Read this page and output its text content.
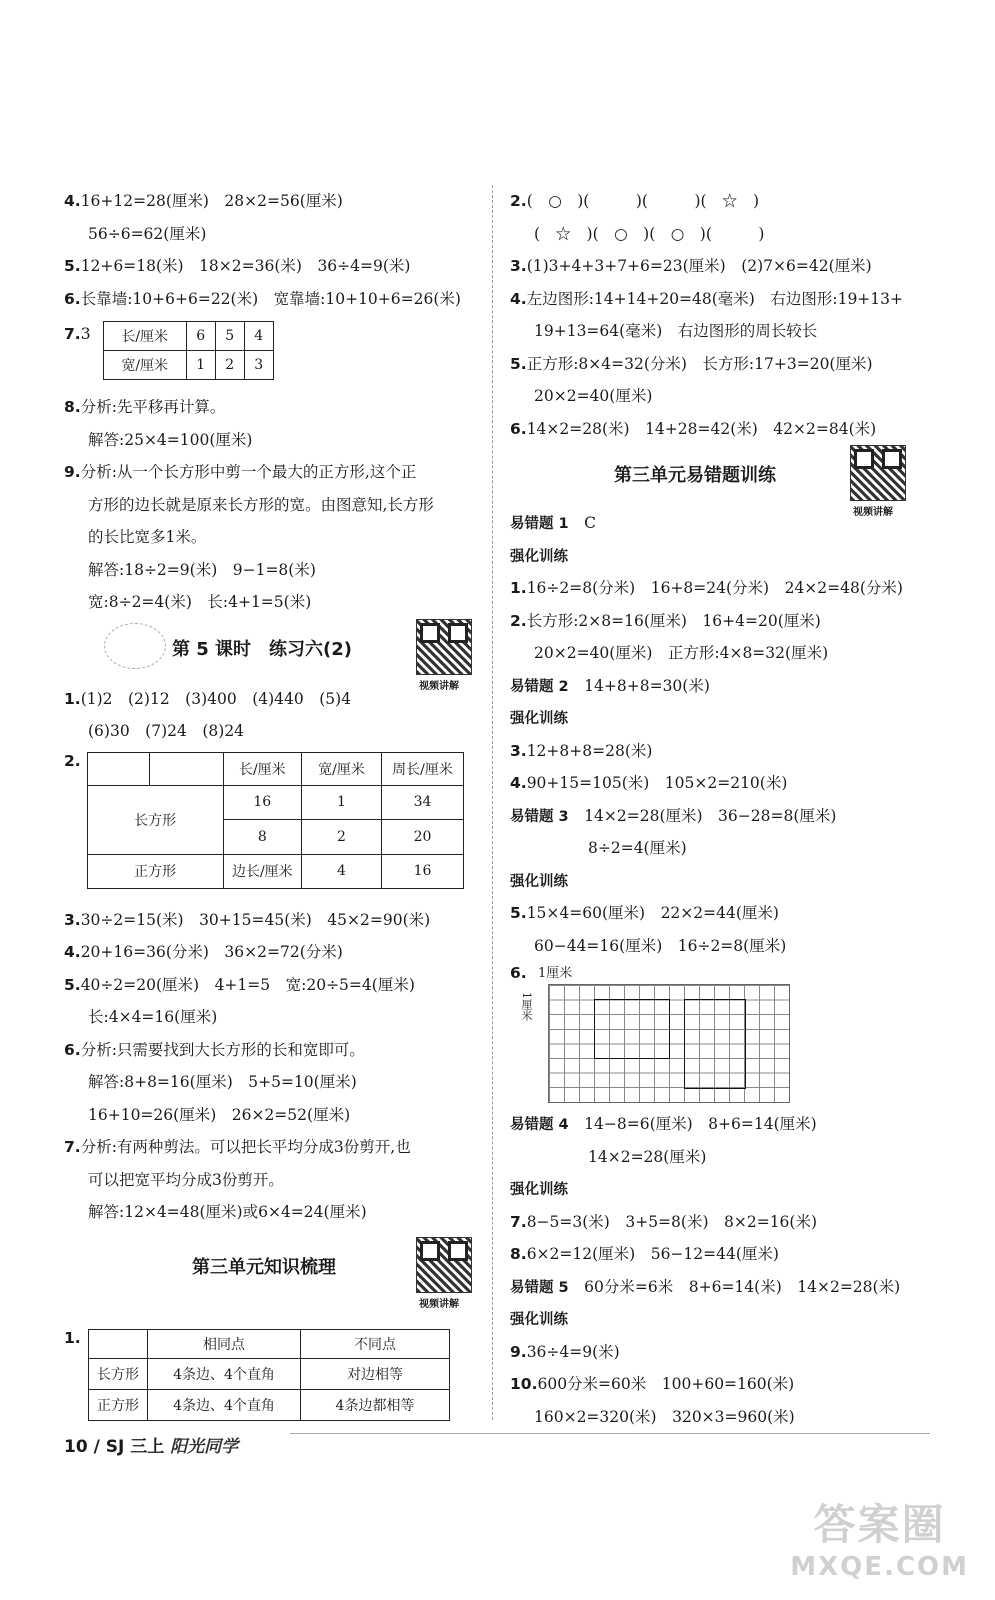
4.16+12=28(厘米)　28×2=56(厘米)
56÷6=62(厘米)
5.12+6=18(米)　18×2=36(米)　36÷4=9(米)
6.长靠墙:10+6+6=22(米)　宽靠墙:10+10+6=26(米)
7. 3	长/厘米	6	5	4
宽/厘米	1	2	3
8.分析:先平移再计算。
解答:25×4=100(厘米)
9.分析:从一个长方形中剪一个最大的正方形,这个正
方形的边长就是原来长方形的宽。由图意知,长方形
的长比宽多1米。
解答:18÷2=9(米)　9−1=8(米)
宽:8÷2=4(米)　长:4+1=5(米)
第 5 课时　练习六(2)
视频讲解
1.(1)2　(2)12　(3)400　(4)440　(5)4
(6)30　(7)24　(8)24
2.
			长/厘米	宽/厘米	周长/厘米
长方形		16	1	34
		8	2	20
正方形		边长/厘米	4	16
3.30÷2=15(米)　30+15=45(米)　45×2=90(米)
4.20+16=36(分米)　36×2=72(分米)
5.40÷2=20(厘米)　4+1=5　宽:20÷5=4(厘米)
长:4×4=16(厘米)
6.分析:只需要找到大长方形的长和宽即可。
解答:8+8=16(厘米)　5+5=10(厘米)
16+10=26(厘米)　26×2=52(厘米)
7.分析:有两种剪法。可以把长平均分成3份剪开,也
可以把宽平均分成3份剪开。
解答:12×4=48(厘米)或6×4=24(厘米)
第三单元知识梳理
视频讲解
1.
		相同点	不同点
长方形	4条边、4个直角	对边相等
正方形	4条边、4个直角	4条边都相等
2.(　○　)(　　　)(　　　)(　☆　)
(　☆　)(　○　)(　○　)(　　　)
3.(1)3+4+3+7+6=23(厘米)　(2)7×6=42(厘米)
4.左边图形:14+14+20=48(毫米)　右边图形:19+13+
19+13=64(毫米)　右边图形的周长较长
5.正方形:8×4=32(分米)　长方形:17+3=20(厘米)
20×2=40(厘米)
6.14×2=28(米)　14+28=42(米)　42×2=84(米)
第三单元易错题训练
视频讲解
易错题 1　 C
强化训练
1.16÷2=8(分米)　16+8=24(分米)　24×2=48(分米)
2.长方形:2×8=16(厘米)　16+4=20(厘米)
20×2=40(厘米)　正方形:4×8=32(厘米)
易错题 2　 14+8+8=30(米)
强化训练
3.12+8+8=28(米)
4.90+15=105(米)　105×2=210(米)
易错题 3　 14×2=28(厘米)　36−28=8(厘米)
8÷2=4(厘米)
强化训练
5.15×4=60(厘米)　22×2=44(厘米)
60−44=16(厘米)　16÷2=8(厘米)
6. 1厘米
1厘米
易错题 4　 14−8=6(厘米)　8+6=14(厘米)
14×2=28(厘米)
强化训练
7.8−5=3(米)　3+5=8(米)　8×2=16(米)
8.6×2=12(厘米)　56−12=44(厘米)
易错题 5　 60分米=6米　8+6=14(米)　14×2=28(米)
强化训练
9.36÷4=9(米)
10.600分米=60米　100+60=160(米)
160×2=320(米)　320×3=960(米)
10 / SJ 三上 阳光同学
答案圈
MXQE.COM
